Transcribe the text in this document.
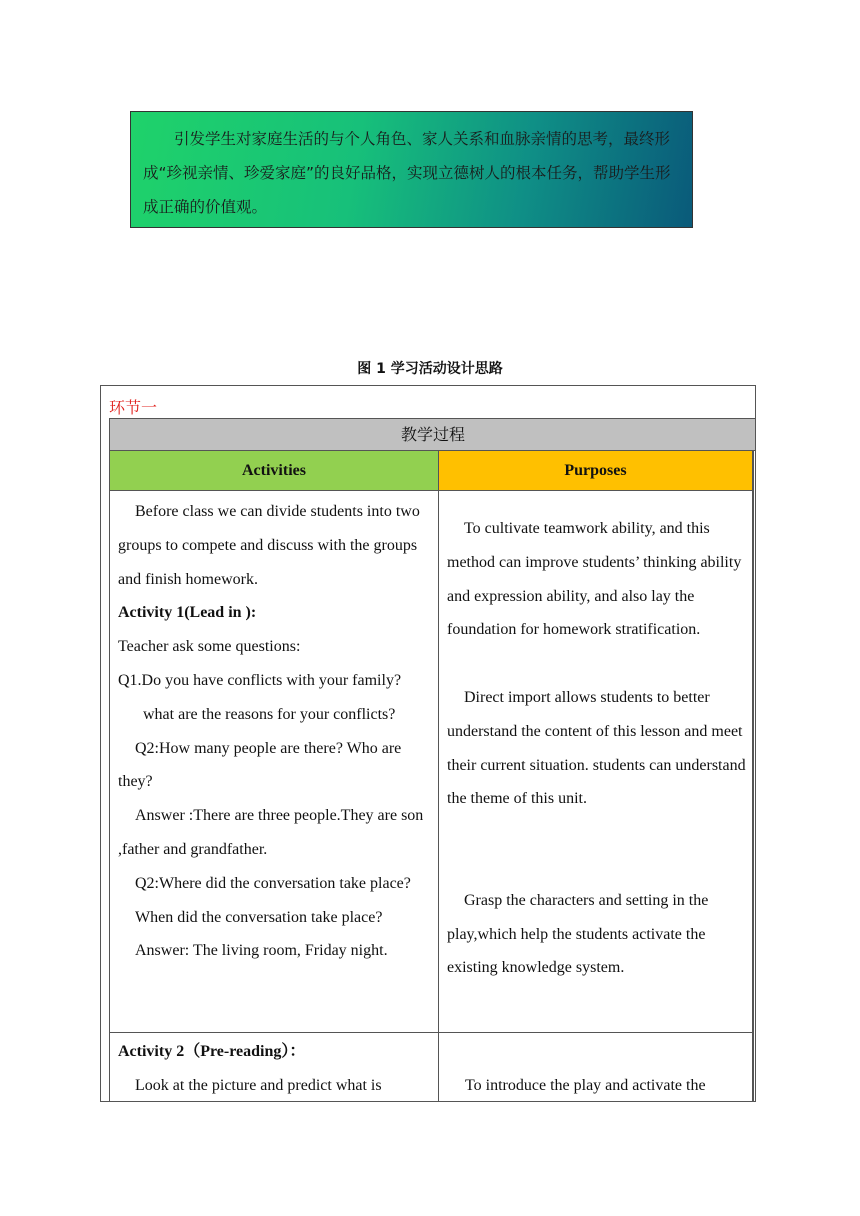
引发学生对家庭生活的与个人角色、家人关系和血脉亲情的思考，最终形成“珍视亲情、珍爱家庭”的良好品格，实现立德树人的根本任务，帮助学生形成正确的价值观。
图 1 学习活动设计思路
环节一
教学过程
Activities	Purposes

Before class we can divide students into two groups to compete and discuss with the groups and finish homework.

Activity 1(Lead in ):

Teacher ask some questions:

Q1.Do you have conflicts with your family?

what are the reasons for your conflicts?

Q2:How many people are there? Who are they?

Answer :There are three people.They are son ,father and grandfather.

Q2:Where did the conversation take place? When did the conversation take place?

Answer: The living room, Friday night.

To cultivate teamwork ability, and this method can improve students’ thinking ability and expression ability, and also lay the foundation for homework stratification.

Direct import allows students to better understand the content of this lesson and meet their current situation. students can understand the theme of this unit.

Grasp the characters and setting in the play,which help the students activate the existing knowledge system.

Activity 2（Pre-reading）：

Look at the picture and predict what is	To introduce the play and activate the
